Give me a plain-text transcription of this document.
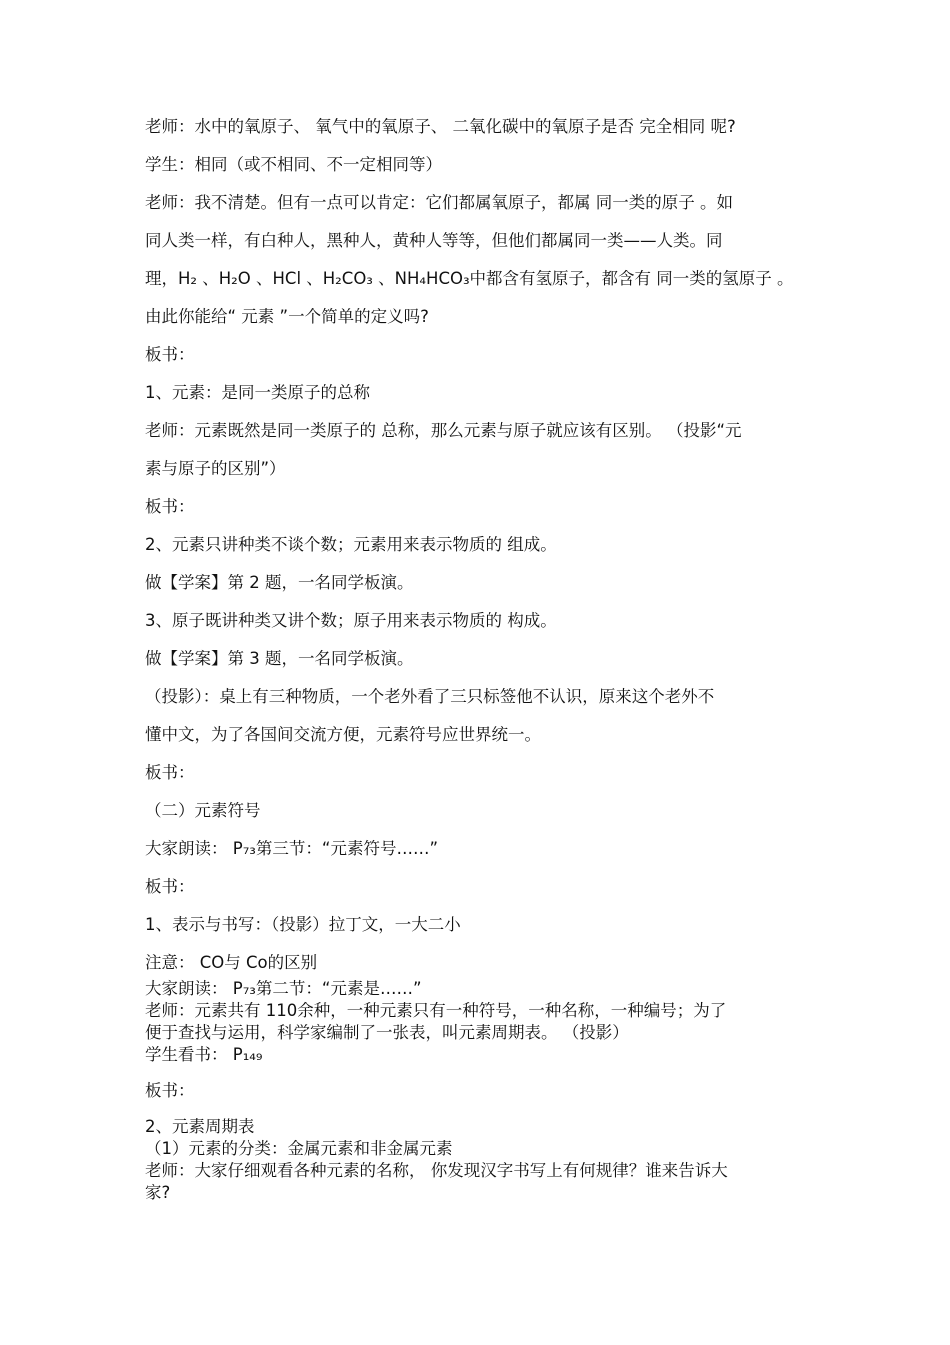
老师：水中的氧原子、 氧气中的氧原子、 二氧化碳中的氧原子是否 完全相同 呢?
学生：相同（或不相同、不一定相同等）
老师：我不清楚。但有一点可以肯定：它们都属氧原子，都属 同一类的原子 。如
同人类一样，有白种人，黑种人，黄种人等等，但他们都属同一类——人类。同
理，H₂ 、H₂O 、HCl 、H₂CO₃ 、NH₄HCO₃中都含有氢原子，都含有 同一类的氢原子 。
由此你能给“ 元素 ”一个简单的定义吗?
板书：
1、元素：是同一类原子的总称
老师：元素既然是同一类原子的 总称，那么元素与原子就应该有区别。 （投影“元
素与原子的区别”）
板书：
2、元素只讲种类不谈个数；元素用来表示物质的 组成。
做【学案】第 2 题，一名同学板演。
3、原子既讲种类又讲个数；原子用来表示物质的 构成。
做【学案】第 3 题，一名同学板演。
（投影）：桌上有三种物质，一个老外看了三只标签他不认识，原来这个老外不
懂中文，为了各国间交流方便，元素符号应世界统一。
板书：
（二）元素符号
大家朗读： P₇₃第三节：“元素符号……”
板书：
1、表示与书写：（投影）拉丁文，一大二小
注意： CO与 Co的区别
大家朗读： P₇₃第二节：“元素是……”
老师：元素共有 110余种，一种元素只有一种符号，一种名称，一种编号；为了
便于查找与运用，科学家编制了一张表，叫元素周期表。 （投影）
学生看书： P₁₄₉
板书：
2、元素周期表
（1）元素的分类：金属元素和非金属元素
老师：大家仔细观看各种元素的名称， 你发现汉字书写上有何规律？谁来告诉大
家?
